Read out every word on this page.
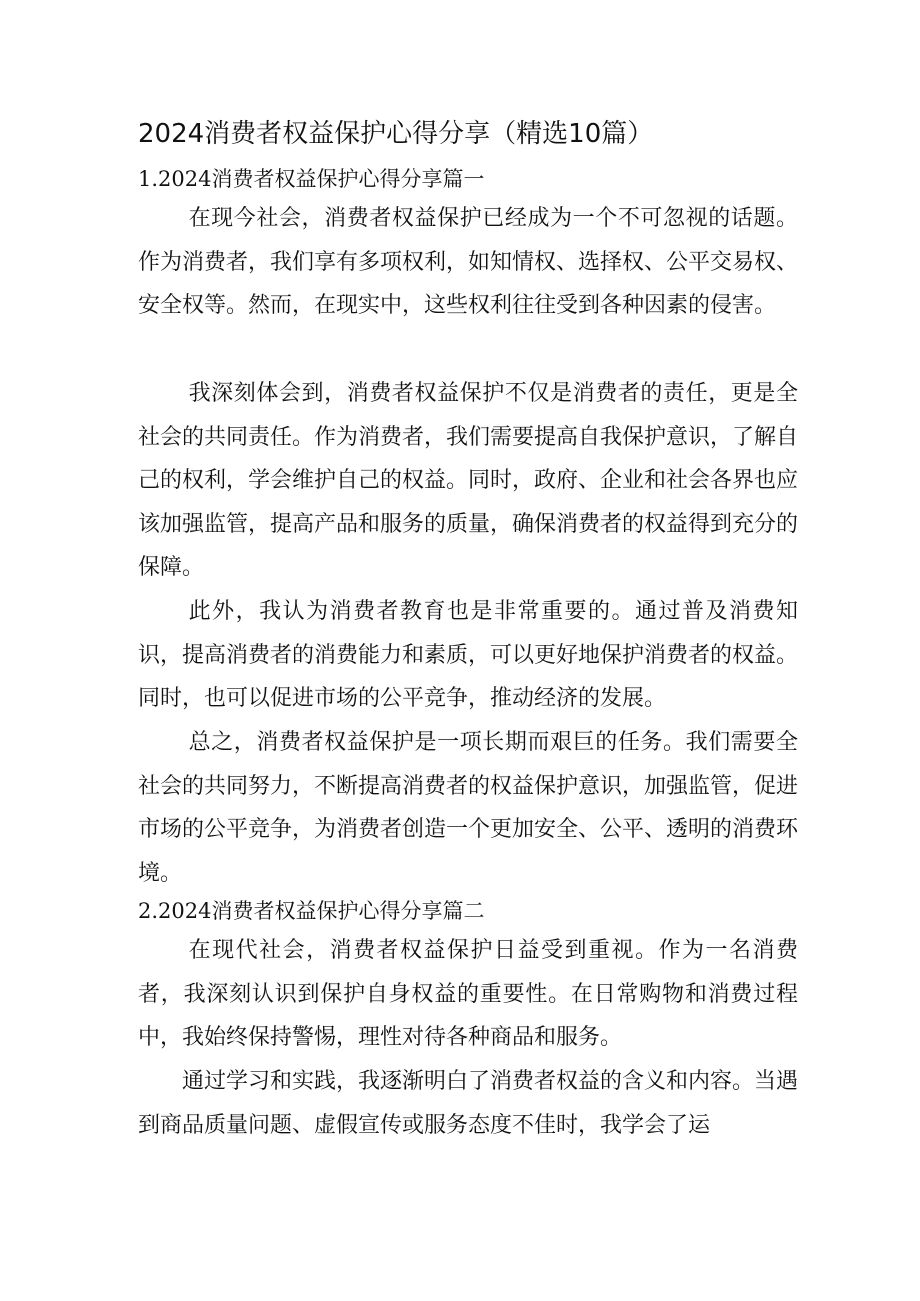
2024消费者权益保护心得分享（精选10篇）
1.2024消费者权益保护心得分享篇一

在现今社会，消费者权益保护已经成为一个不可忽视的话题。作为消费者，我们享有多项权利，如知情权、选择权、公平交易权、安全权等。然而，在现实中，这些权利往往受到各种因素的侵害。

我深刻体会到，消费者权益保护不仅是消费者的责任，更是全社会的共同责任。作为消费者，我们需要提高自我保护意识，了解自己的权利，学会维护自己的权益。同时，政府、企业和社会各界也应该加强监管，提高产品和服务的质量，确保消费者的权益得到充分的保障。

此外，我认为消费者教育也是非常重要的。通过普及消费知识，提高消费者的消费能力和素质，可以更好地保护消费者的权益。同时，也可以促进市场的公平竞争，推动经济的发展。

总之，消费者权益保护是一项长期而艰巨的任务。我们需要全社会的共同努力，不断提高消费者的权益保护意识，加强监管，促进市场的公平竞争，为消费者创造一个更加安全、公平、透明的消费环境。

2.2024消费者权益保护心得分享篇二

在现代社会，消费者权益保护日益受到重视。作为一名消费者，我深刻认识到保护自身权益的重要性。在日常购物和消费过程中，我始终保持警惕，理性对待各种商品和服务。

通过学习和实践，我逐渐明白了消费者权益的含义和内容。当遇到商品质量问题、虚假宣传或服务态度不佳时，我学会了运
